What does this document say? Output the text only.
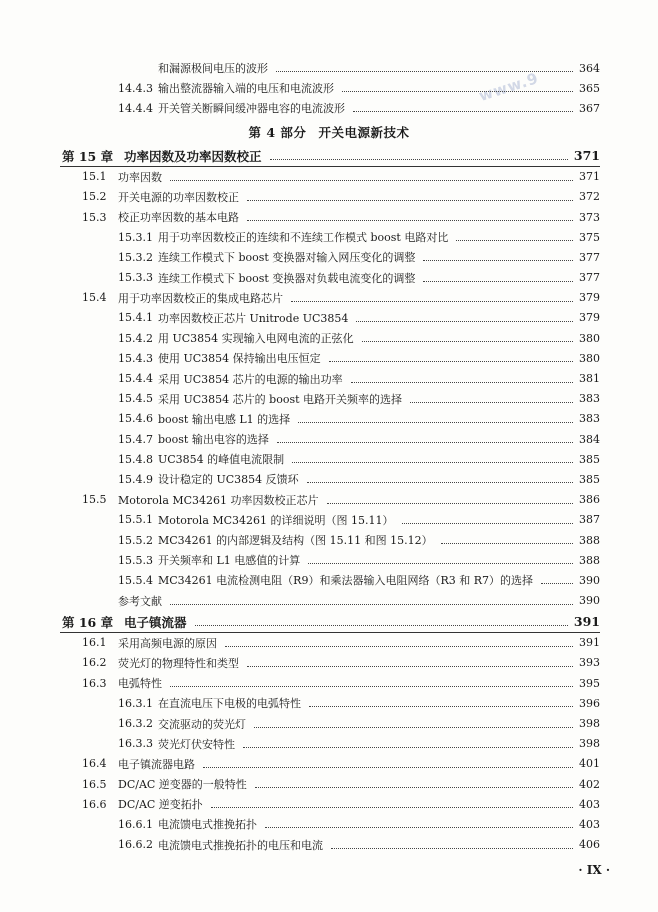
www.9
和漏源极间电压的波形	364
14.4.3 输出整流器输入端的电压和电流波形	365
14.4.4 开关管关断瞬间缓冲器电容的电流波形	367
第 4 部分 开关电源新技术
第 15 章 功率因数及功率因数校正	371
15.1 功率因数	371
15.2 开关电源的功率因数校正	372
15.3 校正功率因数的基本电路	373
15.3.1 用于功率因数校正的连续和不连续工作模式 boost 电路对比	375
15.3.2 连续工作模式下 boost 变换器对输入网压变化的调整	377
15.3.3 连续工作模式下 boost 变换器对负载电流变化的调整	377
15.4 用于功率因数校正的集成电路芯片	379
15.4.1 功率因数校正芯片 Unitrode UC3854	379
15.4.2 用 UC3854 实现输入电网电流的正弦化	380
15.4.3 使用 UC3854 保持输出电压恒定	380
15.4.4 采用 UC3854 芯片的电源的输出功率	381
15.4.5 采用 UC3854 芯片的 boost 电路开关频率的选择	383
15.4.6 boost 输出电感 L1 的选择	383
15.4.7 boost 输出电容的选择	384
15.4.8 UC3854 的峰值电流限制	385
15.4.9 设计稳定的 UC3854 反馈环	385
15.5 Motorola MC34261 功率因数校正芯片	386
15.5.1 Motorola MC34261 的详细说明（图 15.11）	387
15.5.2 MC34261 的内部逻辑及结构（图 15.11 和图 15.12）	388
15.5.3 开关频率和 L1 电感值的计算	388
15.5.4 MC34261 电流检测电阻（R9）和乘法器输入电阻网络（R3 和 R7）的选择	390
参考文献	390
第 16 章 电子镇流器	391
16.1 采用高频电源的原因	391
16.2 荧光灯的物理特性和类型	393
16.3 电弧特性	395
16.3.1 在直流电压下电极的电弧特性	396
16.3.2 交流驱动的荧光灯	398
16.3.3 荧光灯伏安特性	398
16.4 电子镇流器电路	401
16.5 DC/AC 逆变器的一般特性	402
16.6 DC/AC 逆变拓扑	403
16.6.1 电流馈电式推挽拓扑	403
16.6.2 电流馈电式推挽拓扑的电压和电流	406
· IX ·
